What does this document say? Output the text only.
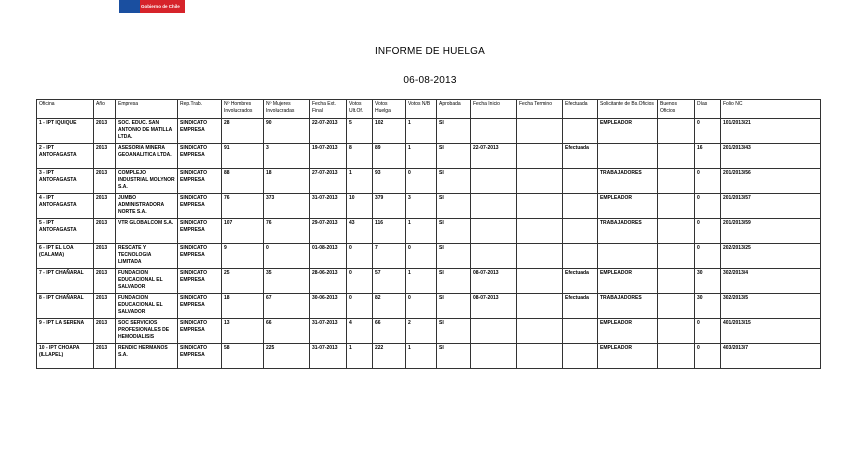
Gobierno de Chile
INFORME DE HUELGA
06-08-2013
Oficina	Año	Empresa	Rep.Trab.	Nº Hombres Involucrados	Nº Mujeres Involucradas	Fecha Ext. Final	Votos Ult.Of.	Votos Huelga	Votos N/B	Aprobada	Fecha Inicio	Fecha Termino	Efectuada	Solicitante de Bs.Oficios	Buenos Oficios	Días	Folio NC
1 - IPT IQUIQUE	2013	SOC. EDUC. SAN ANTONIO DE MATILLA LTDA.	SINDICATO EMPRESA	28	90	22-07-2013	5	102	1	SI				EMPLEADOR		0	101/2013/21
2 - IPT ANTOFAGASTA	2013	ASESORIA MINERA GEOANALITICA LTDA.	SINDICATO EMPRESA	91	3	19-07-2013	8	89	1	SI	22-07-2013		Efectuada			16	201/2013/43
3 - IPT ANTOFAGASTA	2013	COMPLEJO INDUSTRIAL MOLYNOR S.A.	SINDICATO EMPRESA	88	18	27-07-2013	1	93	0	SI				TRABAJADORES		0	201/2013/56
4 - IPT ANTOFAGASTA	2013	JUMBO ADMINISTRADORA NORTE S.A.	SINDICATO EMPRESA	76	373	31-07-2013	10	379	3	SI				EMPLEADOR		0	201/2013/57
5 - IPT ANTOFAGASTA	2013	VTR GLOBALCOM S.A.	SINDICATO EMPRESA	107	76	29-07-2013	43	116	1	SI				TRABAJADORES		0	201/2013/59
6 - IPT EL LOA (CALAMA)	2013	RESCATE Y TECNOLOGIA LIMITADA	SINDICATO EMPRESA	9	0	01-08-2013	0	7	0	SI						0	202/2013/25
7 - IPT CHAÑARAL	2013	FUNDACION EDUCACIONAL EL SALVADOR	SINDICATO EMPRESA	25	35	28-06-2013	0	57	1	SI	08-07-2013		Efectuada	EMPLEADOR		30	302/2013/4
8 - IPT CHAÑARAL	2013	FUNDACION EDUCACIONAL EL SALVADOR	SINDICATO EMPRESA	18	67	30-06-2013	0	82	0	SI	08-07-2013		Efectuada	TRABAJADORES		30	302/2013/5
9 - IPT LA SERENA	2013	SOC SERVICIOS PROFESIONALES DE HEMODIALISIS	SINDICATO EMPRESA	13	66	31-07-2013	4	66	2	SI				EMPLEADOR		0	401/2013/15
10 - IPT CHOAPA (ILLAPEL)	2013	RENDIC HERMANOS S.A.	SINDICATO EMPRESA	58	225	31-07-2013	1	222	1	SI				EMPLEADOR		0	403/2013/7
